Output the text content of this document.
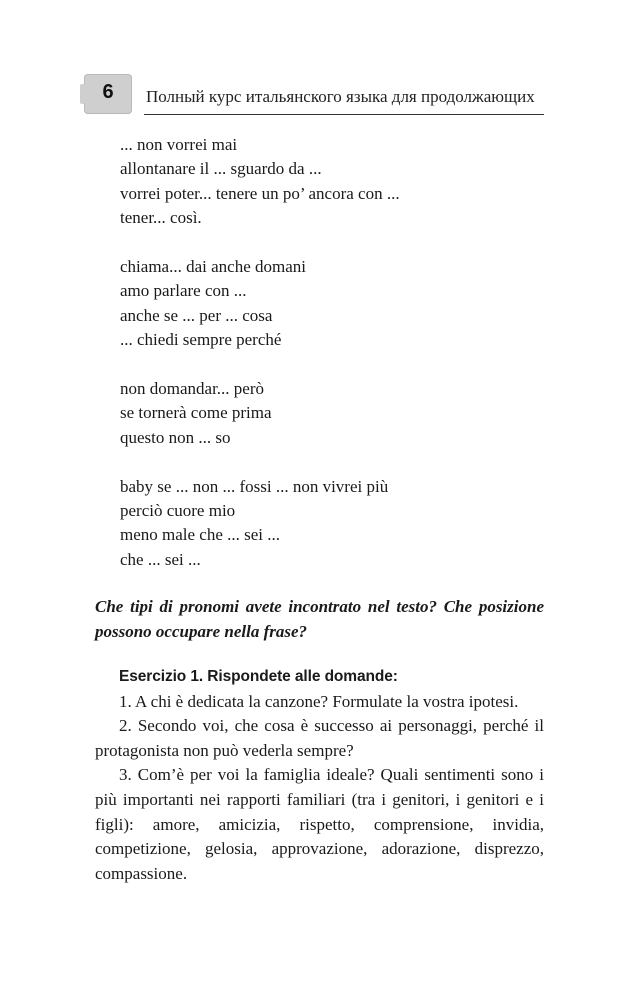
6	Полный курс итальянского языка для продолжающих
... non vorrei mai
allontanare il ... sguardo da ...
vorrei poter... tenere un po’ ancora con ...
tener... così.
chiama... dai anche domani
amo parlare con ...
anche se ... per ... cosa
... chiedi sempre perché
non domandar... però
se tornerà come prima
questo non ... so
baby se ... non ... fossi ... non vivrei più
perciò cuore mio
meno male che ... sei ...
che ... sei ...

Che tipi di pronomi avete incontrato nel testo? Che posizione possono occupare nella frase?

Esercizio 1. Rispondete alle domande:

1. A chi è dedicata la canzone? Formulate la vostra ipotesi.

2. Secondo voi, che cosa è successo ai personaggi, perché il protagonista non può vederla sempre?

3. Com’è per voi la famiglia ideale? Quali sentimenti sono i più importanti nei rapporti familiari (tra i genitori, i genitori e i figli): amore, amicizia, rispetto, comprensione, invidia, competizione, gelosia, approvazione, adorazione, disprezzo, compassione.
